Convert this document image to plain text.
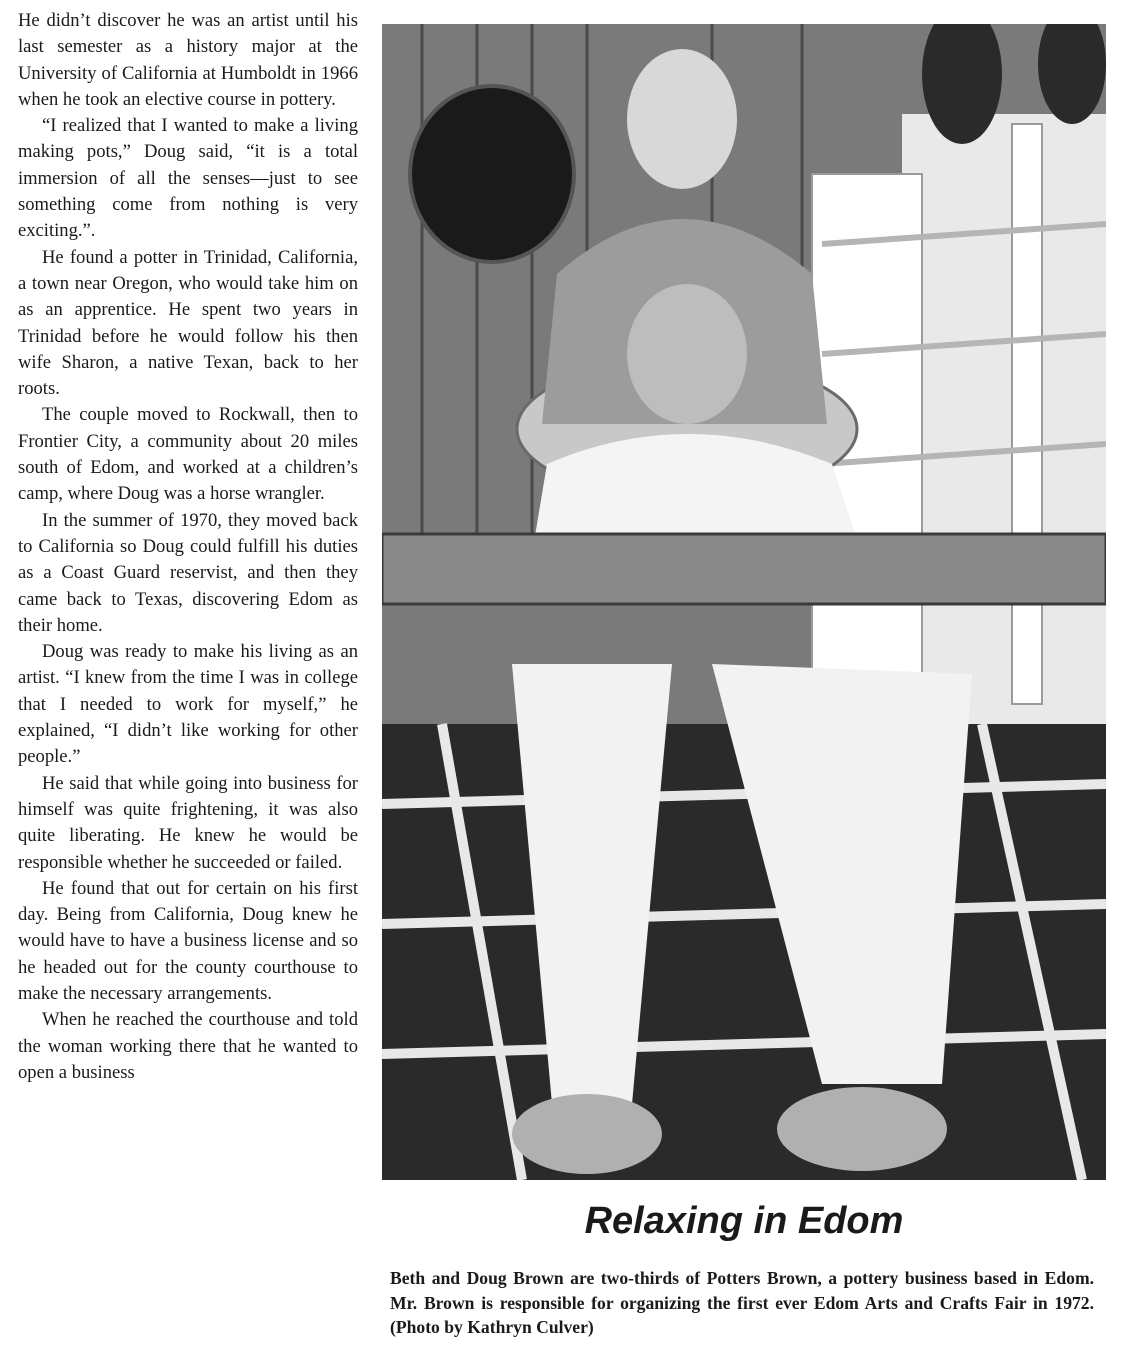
He didn’t discover he was an artist until his last semester as a history major at the University of California at Humboldt in 1966 when he took an elective course in pottery.

“I realized that I wanted to make a living making pots,” Doug said, “it is a total immersion of all the senses—just to see something come from nothing is very exciting.”.

He found a potter in Trinidad, California, a town near Oregon, who would take him on as an apprentice. He spent two years in Trinidad before he would follow his then wife Sharon, a native Texan, back to her roots.

The couple moved to Rockwall, then to Frontier City, a community about 20 miles south of Edom, and worked at a children’s camp, where Doug was a horse wrangler.

In the summer of 1970, they moved back to California so Doug could fulfill his duties as a Coast Guard reservist, and then they came back to Texas, discovering Edom as their home.

Doug was ready to make his living as an artist. “I knew from the time I was in college that I needed to work for myself,” he explained, “I didn’t like working for other people.”

He said that while going into business for himself was quite frightening, it was also quite liberating. He knew he would be responsible whether he succeeded or failed.

He found that out for certain on his first day. Being from California, Doug knew he would have to have a business license and so he headed out for the county courthouse to make the necessary arrangements.

When he reached the courthouse and told the woman working there that he wanted to open a business

Relaxing in Edom

Beth and Doug Brown are two-thirds of Potters Brown, a pottery business based in Edom. Mr. Brown is responsible for organizing the first ever Edom Arts and Crafts Fair in 1972. (Photo by Kathryn Culver)
